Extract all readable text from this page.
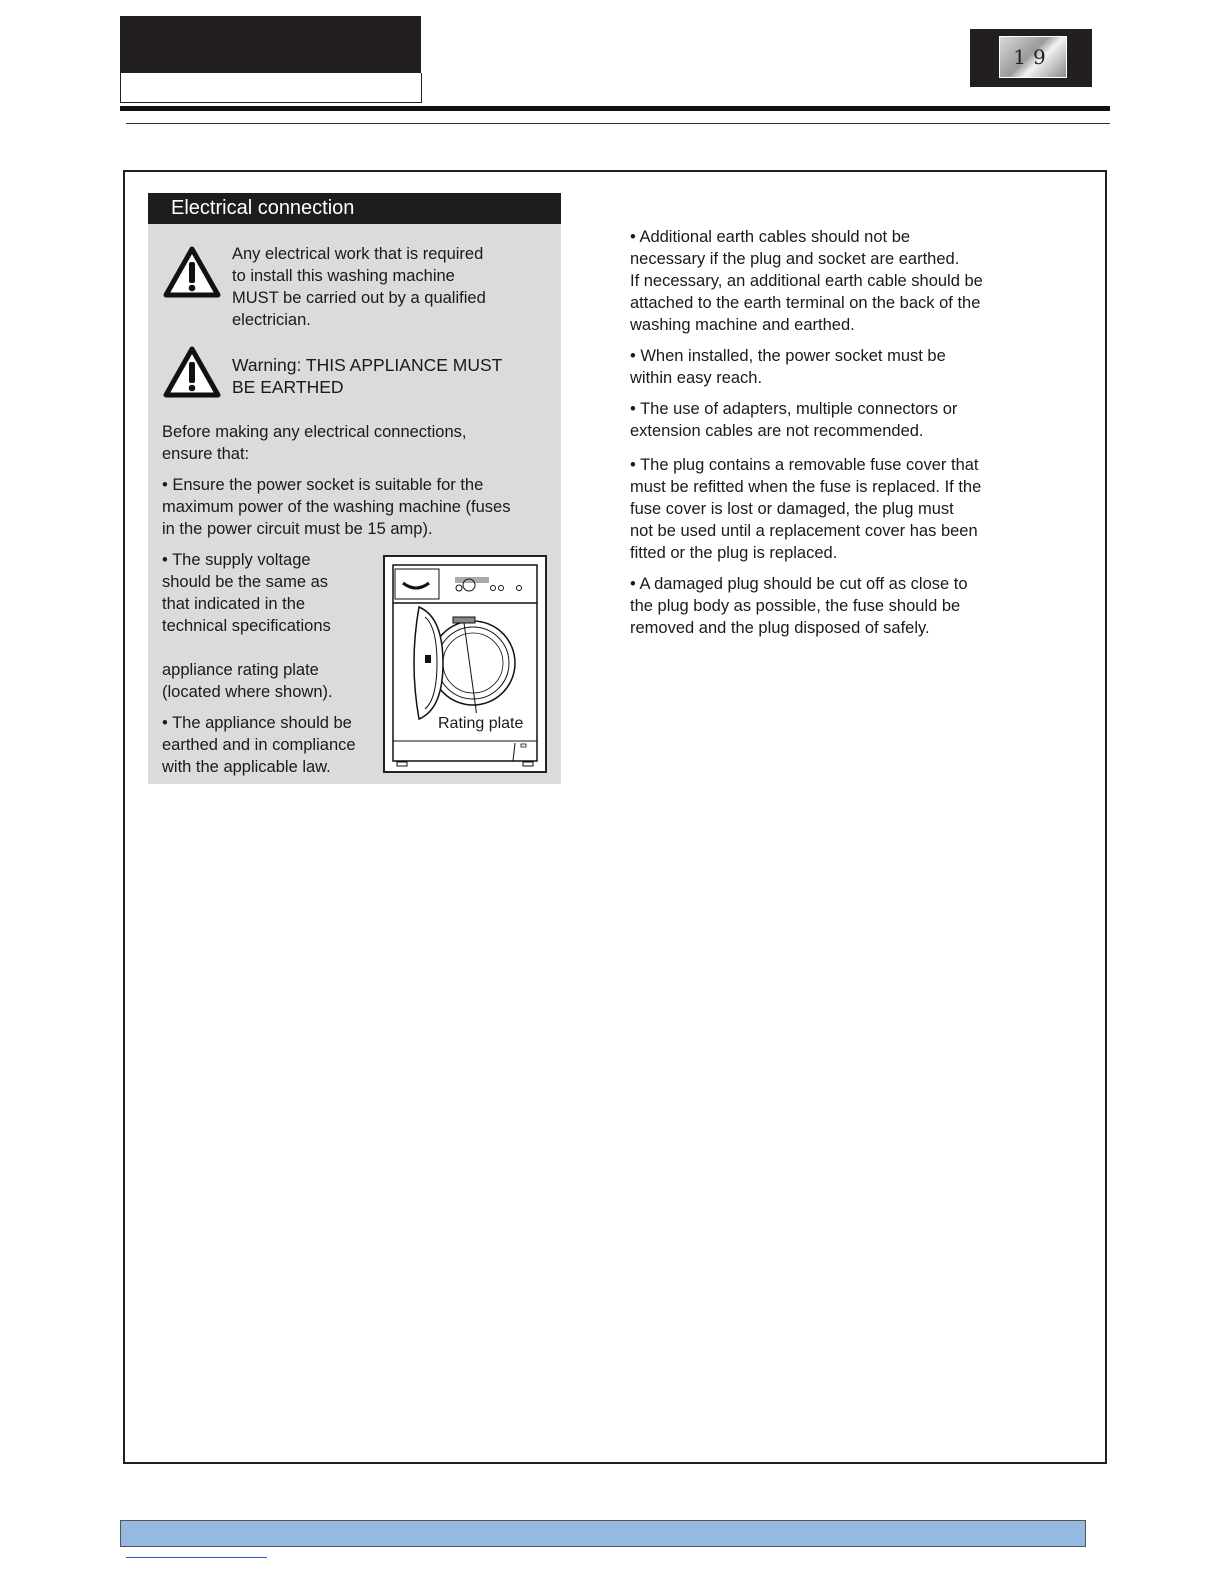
19
Electrical connection

Any electrical work that is required
to install this washing machine
MUST be carried out by a qualified
electrician.

Warning: THIS APPLIANCE MUST
BE EARTHED

Before making any electrical connections,
ensure that:

• Ensure the power socket is suitable for the
maximum power of the washing machine (fuses
in the power circuit must be 15 amp).

• The supply voltage
should be the same as
that indicated in the
technical specifications

appliance rating plate
(located where shown).

• The appliance should be
earthed and in compliance
with the applicable law.

Rating plate

• Additional earth cables should not be
necessary if the plug and socket are earthed.
If necessary, an additional earth cable should be
attached to the earth terminal on the back of the
washing machine and earthed.

• When installed, the power socket must be
within easy reach.

• The use of adapters, multiple connectors or
extension cables are not recommended.

• The plug contains a removable fuse cover that
must be refitted when the fuse is replaced. If the
fuse cover is lost or damaged, the plug must
not be used until a replacement cover has been
fitted or the plug is replaced.

• A damaged plug should be cut off as close to
the plug body as possible, the fuse should be
removed and the plug disposed of safely.
